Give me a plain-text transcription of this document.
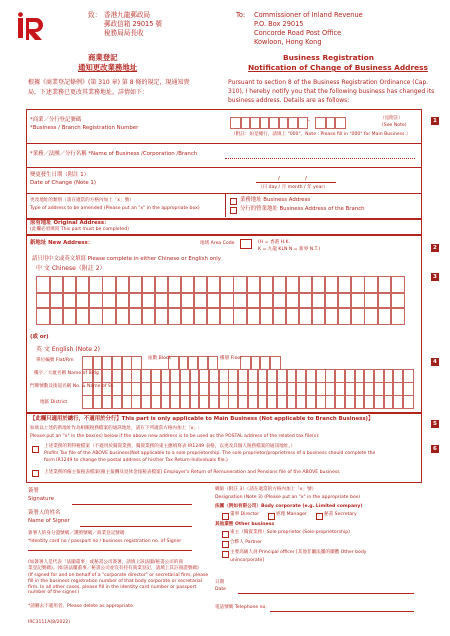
致： 香港九龍郵政局
郵政信箱 29015 號
稅務局局長收
To: Commissioner of Inland Revenue
P.O. Box 29015
Concorde Road Post Office
Kowloon, Hong Kong
商業登記
通知更改業務地址
Business Registration
Notification of Change of Business Address
根據《商業登記條例》(第 310 章) 第 8 條的規定，現通知貴
局，下述業務已更改其業務地址。詳情如下：
Pursuant to section 8 of the Business Registration Ordinance (Cap.
310), I hereby notify you that the following business has changed its
business address. Details are as follows:
*商業／分行登記號碼
*Business / Branch Registration Number
-	（見附註）
(See Note)
（附註：如是總行，請填上 "000"。Note : Please fill in "000" for Main Business.）
*業務／法團／分行名稱 *Name of Business /Corporation /Branch
變更發生日期（附註 1）
Date of Change (Note 1)
/	/
（日 day / 月 month / 年 year）
更改地址的類別（請在適當的方格內加上「x」號）
Type of address to be amended (Please put an "x" in the appropriate box)
業務地址 Business Address
分行的營業地址 Business Address of the Branch
原有地址 Original Address：
(此欄必須填寫 This part must be completed)
新地址 New Address：	地域 Area Code	(H = 香港 H.K.
K = 九龍 KLN N = 新界 N.T.)
請只用中文或英文填寫 Please complete in either Chinese or English only
中 文 Chinese（附註 2）
(或 or)
英 文 English (Note 2)
單位編號 Flat/Rm	座數 Block	樓層 Floor
樓宇／大廈名稱 Name of Bldg
門牌號數及街道名稱 No. & Name of St.
地區 District
【此欄只適用於總行，不適用於分行】This part is only applicable to Main Business (Not applicable to Branch Business)】
如欲以上述的新地址作為相關稅務檔案的通訊地址，請在下列適當方格內加上「x」:
Please put an "x" in the box(es) below if the above new address is to be used as the POSTAL address of the related tax file(s):
上述業務的利得稅檔案（不適用於獨資業務，獨資業務的東主應填寫表 IR1249 表格，以更改其個人稅務檔案的通訊地址。）
Profits Tax file of the ABOVE business(Not applicable to a sole proprietorship. The sole proprietor/proprietress of a business should complete the
form IR1249 to change the postal address of his/her Tax Return-Individuals file.)
上述業務的僱主報稅表檔案(僱主報酬及退休金報稅表檔案) Employer's Return of Remuneration and Pensions file of the ABOVE business
簽署
Signature
簽署人的姓名
Name of Signer
簽署人的身分證號碼／護照號碼／商業登記號碼
*Identity card no / passport no / business registration no. of Signer
職銜（附註 3）（請在適當的方格內加上「x」號）
Designation (Note 3) (Please put an "x" in the appropriate box)
法團（例如有限公司）Body corporate (e.g. Limited company)
董事 Director	經理 Manager	秘書 Secretary
其他業務 Other business
東主（獨資業務）Sole proprietor (Sole-proprietorship)
合夥人 Partner
主要高級人員 Principal officer [其他非屬法團的團體 Other body
unincorporate]
日期
Date
電話號碼 Telephone no.
(如簽署人是代表「法團董事」或秘書公司簽署，請填上該法團/秘書公司的商
業登記號碼)。(如該法團董事／秘書公司並沒有持有商業登記，請填上其註冊證號碼)
(If signed for and on behalf of a "corporate director" or secretarial firm, please
fill in the business registration number of that body corporate or secretarial
firm. In all other cases, please fill in the identity card number or passport number of the signer.)
*請刪去不適用者。Please delete as appropriate.
IRC3111A(8/2022)
1
2
3
4
5
6
